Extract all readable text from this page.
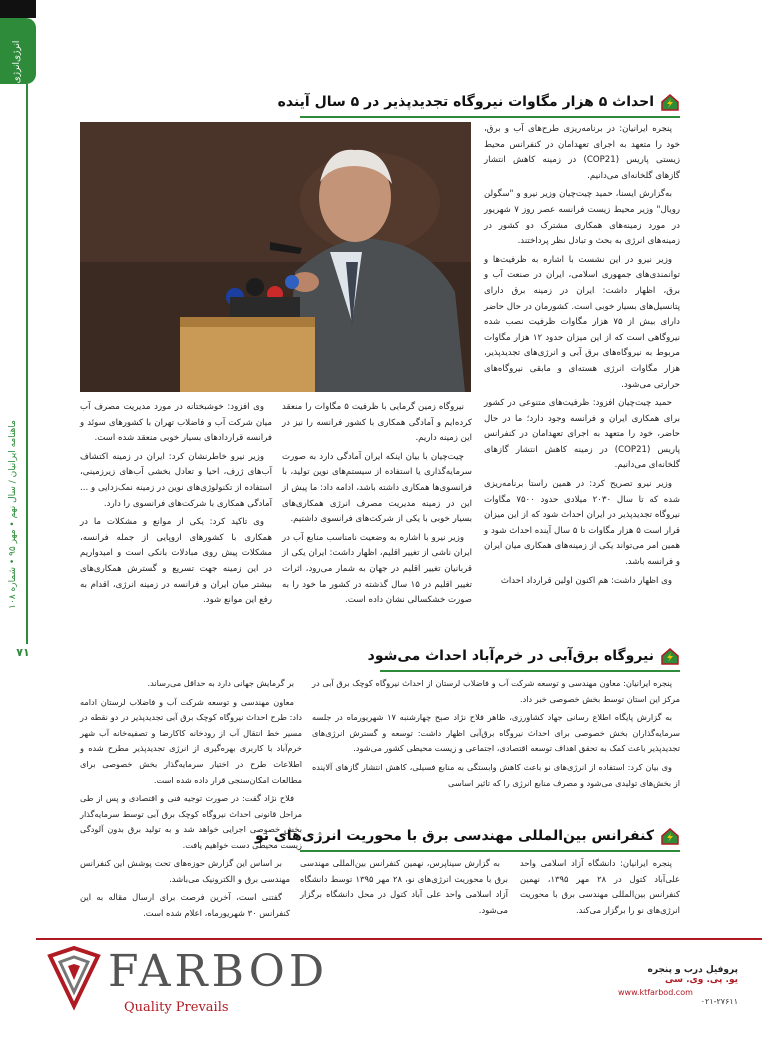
انرژی‌انرژی
ماهنامه ایرانیان / سال نهم • مهر ۹۵ • شماره ۱۰۸
۷۱
احداث ۵ هزار مگاوات نیروگاه تجدیدپذیر در ۵ سال آینده

پنجره ایرانیان: در برنامه‌ریزی طرح‌های آب و برق، خود را متعهد به اجرای تعهدامان در کنفرانس محیط زیستی پاریس (COP21) در زمینه کاهش انتشار گازهای گلخانه‌ای می‌دانیم.

به‌گزارش ایسنا، حمید چیت‌چیان وزیر نیرو و "سگولن رویال" وزیر محیط زیست فرانسه عصر روز ۷ شهریور در مورد زمینه‌های همکاری مشترک دو کشور در زمینه‌های انرژی به بحث و تبادل نظر پرداختند.

وزیر نیرو در این نشست با اشاره به ظرفیت‌ها و توانمندی‌های جمهوری اسلامی، ایران در صنعت آب و برق، اظهار داشت: ایران در زمینه برق دارای پتانسیل‌های بسیار خوبی است. کشورمان در حال حاضر دارای بیش از ۷۵ هزار مگاوات ظرفیت نصب شده نیروگاهی است که از این میزان حدود ۱۲ هزار مگاوات مربوط به نیروگاه‌های برق آبی و انرژی‌های تجدیدپذیر، هزار مگاوات انرژی هسته‌ای و مابقی نیروگاه‌های حرارتی می‌شود.

حمید چیت‌چیان افزود: ظرفیت‌های متنوعی در کشور برای همکاری ایران و فرانسه وجود دارد؛ ما در حال حاضر، خود را متعهد به اجرای تعهدامان در کنفرانس پاریس (COP21) در زمینه کاهش انتشار گازهای گلخانه‌ای می‌دانیم.

وزیر نیرو تصریح کرد: در همین راستا برنامه‌ریزی شده که تا سال ۲۰۳۰ میلادی حدود ۷۵۰۰ مگاوات نیروگاه تجدیدپذیر در ایران احداث شود که از این میزان قرار است ۵ هزار مگاوات تا ۵ سال آینده احداث شود و همین امر می‌تواند یکی از زمینه‌های همکاری میان ایران و فرانسه باشد.

وی اظهار داشت: هم اکنون اولین قرارداد احداث

نیروگاه زمین گرمایی با ظرفیت ۵ مگاوات را منعقد کرده‌ایم و آمادگی همکاری با کشور فرانسه را نیز در این زمینه داریم.

چیت‌چیان با بیان اینکه ایران آمادگی دارد به صورت سرمایه‌گذاری یا استفاده از سیستم‌های نوین تولید، با فرانسوی‌ها همکاری داشته باشد، ادامه داد: ما پیش از این در زمینه مدیریت مصرف انرژی همکاری‌های بسیار خوبی با یکی از شرکت‌های فرانسوی داشتیم.

وزیر نیرو با اشاره به وضعیت نامناسب منابع آب در ایران ناشی از تغییر اقلیم، اظهار داشت: ایران یکی از قربانیان تغییر اقلیم در جهان به شمار می‌رود، اثرات تغییر اقلیم در ۱۵ سال گذشته در کشور ما خود را به صورت خشکسالی نشان داده است.

وی افزود: خوشبختانه در مورد مدیریت مصرف آب میان شرکت آب و فاضلاب تهران با کشورهای سوئد و فرانسه قراردادهای بسیار خوبی منعقد شده است.

وزیر نیرو خاطرنشان کرد: ایران در زمینه اکتشاف آب‌های ژرف، احیا و تعادل بخشی آب‌های زیرزمینی، استفاده از تکنولوژی‌های نوین در زمینه نمک‌زدایی و ... آمادگی همکاری با شرکت‌های فرانسوی را دارد.

وی تاکید کرد: یکی از موانع و مشکلات ما در همکاری با کشورهای اروپایی از جمله فرانسه، مشکلات پیش روی مبادلات بانکی است و امیدواریم در این زمینه جهت تسریع و گسترش همکاری‌های بیشتر میان ایران و فرانسه در زمینه انرژی، اقدام به رفع این موانع شود.

نیروگاه برق‌آبی در خرم‌آباد احداث می‌شود

پنجره ایرانیان: معاون مهندسی و توسعه شرکت آب و فاضلاب لرستان از احداث نیروگاه کوچک برق آبی در مرکز این استان توسط بخش خصوصی خبر داد.

به گزارش پایگاه اطلاع رسانی جهاد کشاورزی، ظاهر فلاح نژاد صبح چهارشنبه ۱۷ شهریورماه در جلسه سرمایه‌گذاران بخش خصوصی برای احداث نیروگاه برق‌آبی اظهار داشت: توسعه و گسترش انرژی‌های تجدیدپذیر باعث کمک به تحقق اهداف توسعه اقتصادی، اجتماعی و زیست محیطی کشور می‌شود.

وی بیان کرد: استفاده از انرژی‌های نو باعث کاهش وابستگی به منابع فسیلی، کاهش انتشار گازهای آلاینده از بخش‌های تولیدی می‌شود و مصرف منابع انرژی را که تاثیر اساسی

بر گرمایش جهانی دارد به حداقل می‌رساند.

معاون مهندسی و توسعه شرکت آب و فاضلاب لرستان ادامه داد: طرح احداث نیروگاه کوچک برق آبی تجدیدپذیر در دو نقطه در مسیر خط انتقال آب از رودخانه کاکارضا و تصفیه‌خانه آب شهر خرم‌آباد با کاربری بهره‌گیری از انرژی تجدیدپذیر مطرح شده و اطلاعات طرح در اختیار سرمایه‌گذار بخش خصوصی برای مطالعات امکان‌سنجی قرار داده شده است.

فلاح نژاد گفت: در صورت توجیه فنی و اقتصادی و پس از طی مراحل قانونی احداث نیروگاه کوچک برق آبی توسط سرمایه‌گذار بخش خصوصی اجرایی خواهد شد و به تولید برق بدون آلودگی زیست محیطی دست خواهیم یافت.

کنفرانس بین‌المللی مهندسی برق با محوریت انرژی‌های نو

پنجره ایرانیان: دانشگاه آزاد اسلامی واحد علی‌آباد کتول در ۲۸ مهر ۱۳۹۵، نهمین کنفرانس بین‌المللی مهندسی برق با محوریت انرژی‌های نو را برگزار می‌کند.

به گزارش سیناپرس، نهمین کنفرانس بین‌المللی مهندسی برق با محوریت انرژی‌های نو، ۲۸ مهر ۱۳۹۵ توسط دانشگاه آزاد اسلامی واحد علی آباد کتول در محل دانشگاه برگزار می‌شود.

بر اساس این گزارش حوزه‌های تحت پوشش این کنفرانس مهندسی برق و الکترونیک می‌باشد.

گفتنی است، آخرین فرصت برای ارسال مقاله به این کنفرانس ۳۰ شهریورماه، اعلام شده است.

FARBOD
Quality Prevails
پروفیل درب و پنجره
یو. پی. وی. سی
www.ktfarbod.com
۰۲۱-۲۷۶۱۱
